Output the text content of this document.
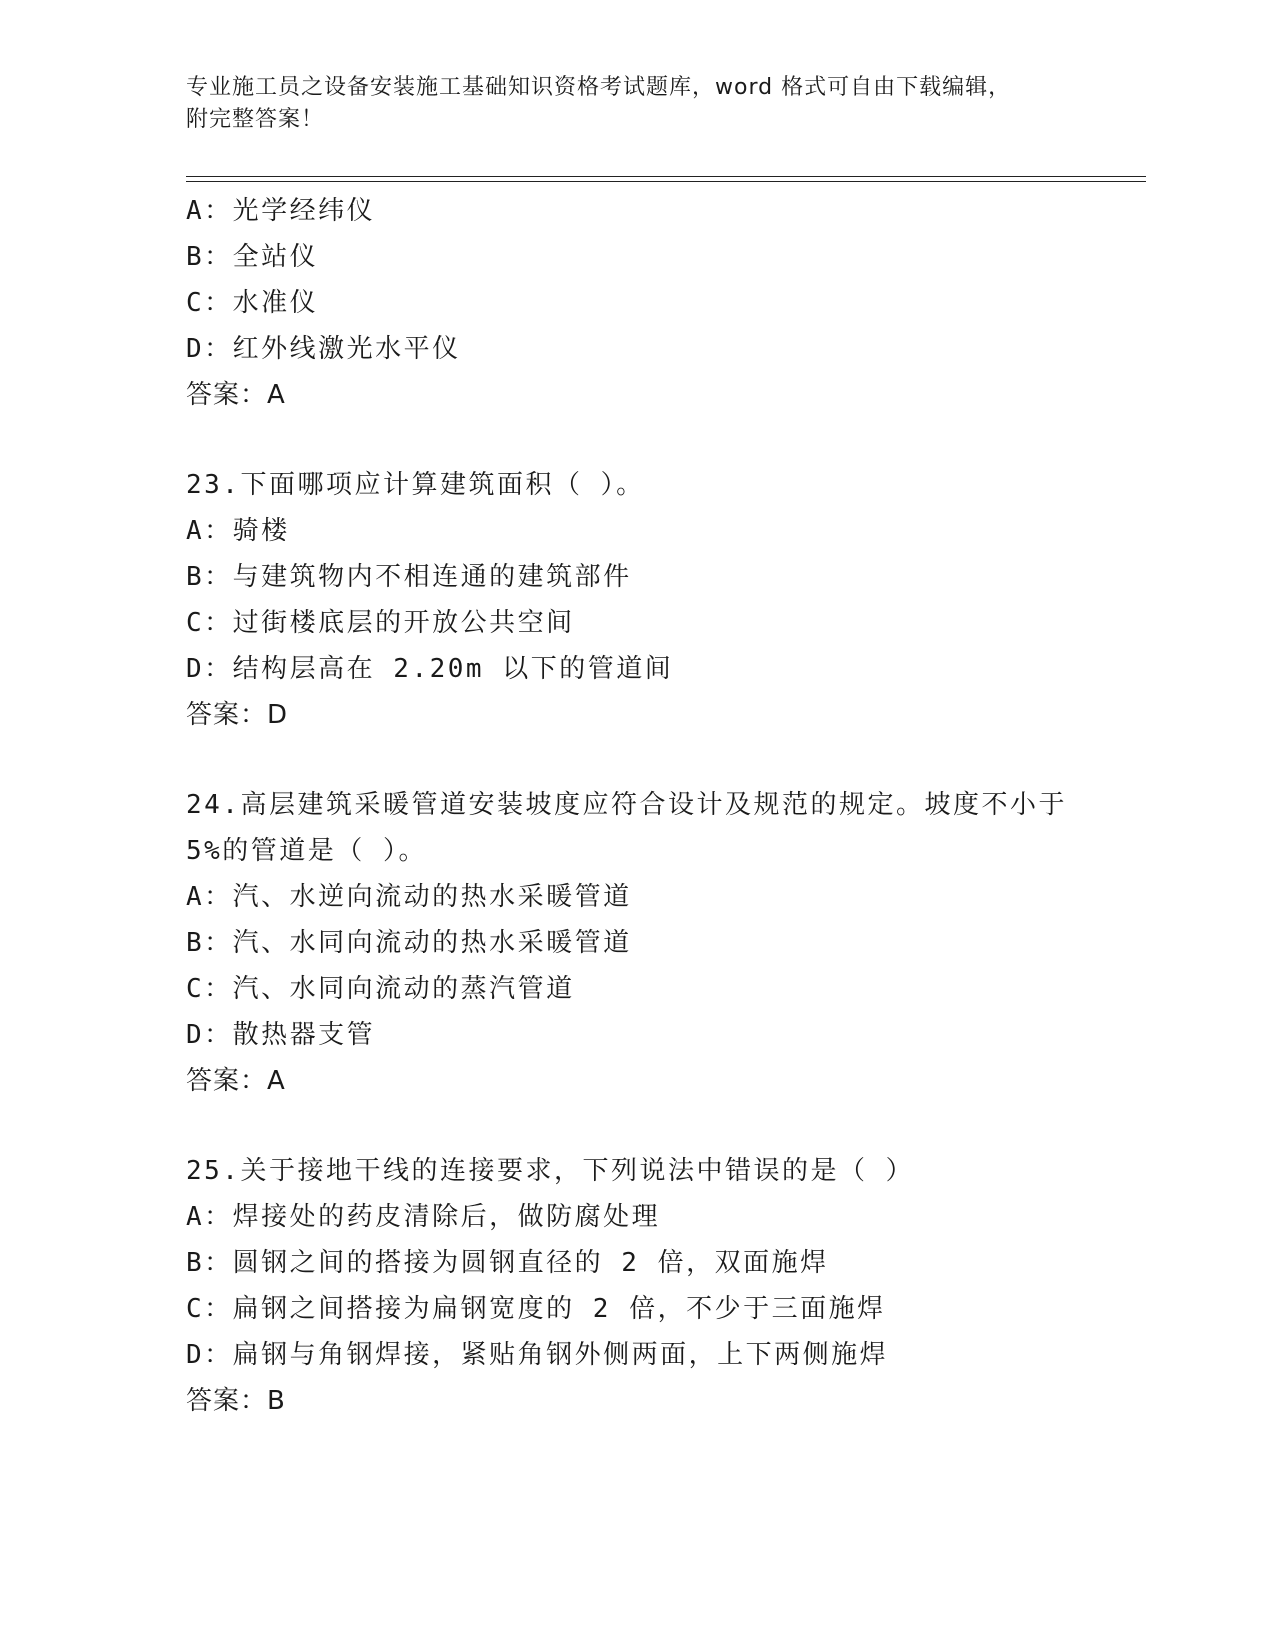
专业施工员之设备安装施工基础知识资格考试题库，word 格式可自由下载编辑，
附完整答案！
A：光学经纬仪
B：全站仪
C：水准仪
D：红外线激光水平仪
答案：A
23.下面哪项应计算建筑面积（ ）。
A：骑楼
B：与建筑物内不相连通的建筑部件
C：过街楼底层的开放公共空间
D：结构层高在 2.20m 以下的管道间
答案：D
24.高层建筑采暖管道安装坡度应符合设计及规范的规定。坡度不小于
5%的管道是（ ）。
A：汽、水逆向流动的热水采暖管道
B：汽、水同向流动的热水采暖管道
C：汽、水同向流动的蒸汽管道
D：散热器支管
答案：A
25.关于接地干线的连接要求，下列说法中错误的是（ ）
A：焊接处的药皮清除后，做防腐处理
B：圆钢之间的搭接为圆钢直径的 2 倍，双面施焊
C：扁钢之间搭接为扁钢宽度的 2 倍，不少于三面施焊
D：扁钢与角钢焊接，紧贴角钢外侧两面，上下两侧施焊
答案：B
